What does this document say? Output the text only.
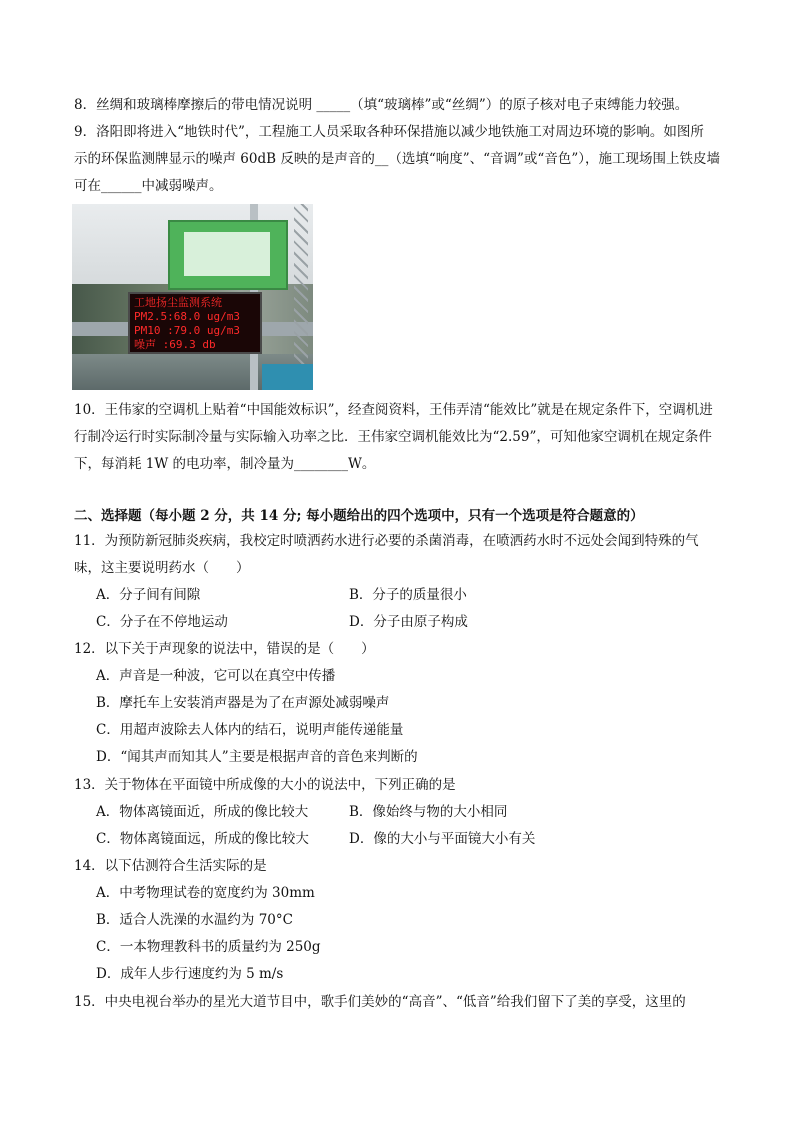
8．丝绸和玻璃棒摩擦后的带电情况说明 _____（填“玻璃棒”或“丝绸”）的原子核对电子束缚能力较强。
9．洛阳即将进入“地铁时代”，工程施工人员采取各种环保措施以减少地铁施工对周边环境的影响。如图所
示的环保监测牌显示的噪声 60dB 反映的是声音的__（选填“响度”、“音调”或“音色”），施工现场围上铁皮墙
可在______中减弱噪声。
工地扬尘监测系统
PM2.5:68.0 ug/m3
PM10 :79.0 ug/m3
噪声 :69.3 db
10．王伟家的空调机上贴着“中国能效标识”，经查阅资料，王伟弄清“能效比”就是在规定条件下，空调机进
行制冷运行时实际制冷量与实际输入功率之比．王伟家空调机能效比为“2.59”，可知他家空调机在规定条件
下，每消耗 1W 的电功率，制冷量为________W。
二、选择题（每小题 2 分，共 14 分; 每小题给出的四个选项中，只有一个选项是符合题意的）
11．为预防新冠肺炎疾病，我校定时喷洒药水进行必要的杀菌消毒，在喷洒药水时不远处会闻到特殊的气
味，这主要说明药水（　　）
A．分子间有间隙	B．分子的质量很小
C．分子在不停地运动	D．分子由原子构成
12．以下关于声现象的说法中，错误的是（　　）
A．声音是一种波，它可以在真空中传播
B．摩托车上安装消声器是为了在声源处减弱噪声
C．用超声波除去人体内的结石，说明声能传递能量
D．“闻其声而知其人”主要是根据声音的音色来判断的
13．关于物体在平面镜中所成像的大小的说法中，下列正确的是
A．物体离镜面近，所成的像比较大	B．像始终与物的大小相同
C．物体离镜面远，所成的像比较大	D．像的大小与平面镜大小有关
14．以下估测符合生活实际的是
A．中考物理试卷的宽度约为 30mm
B．适合人洗澡的水温约为 70°C
C．一本物理教科书的质量约为 250g
D．成年人步行速度约为 5 m/s
15．中央电视台举办的星光大道节目中，歌手们美妙的“高音”、“低音”给我们留下了美的享受，这里的
